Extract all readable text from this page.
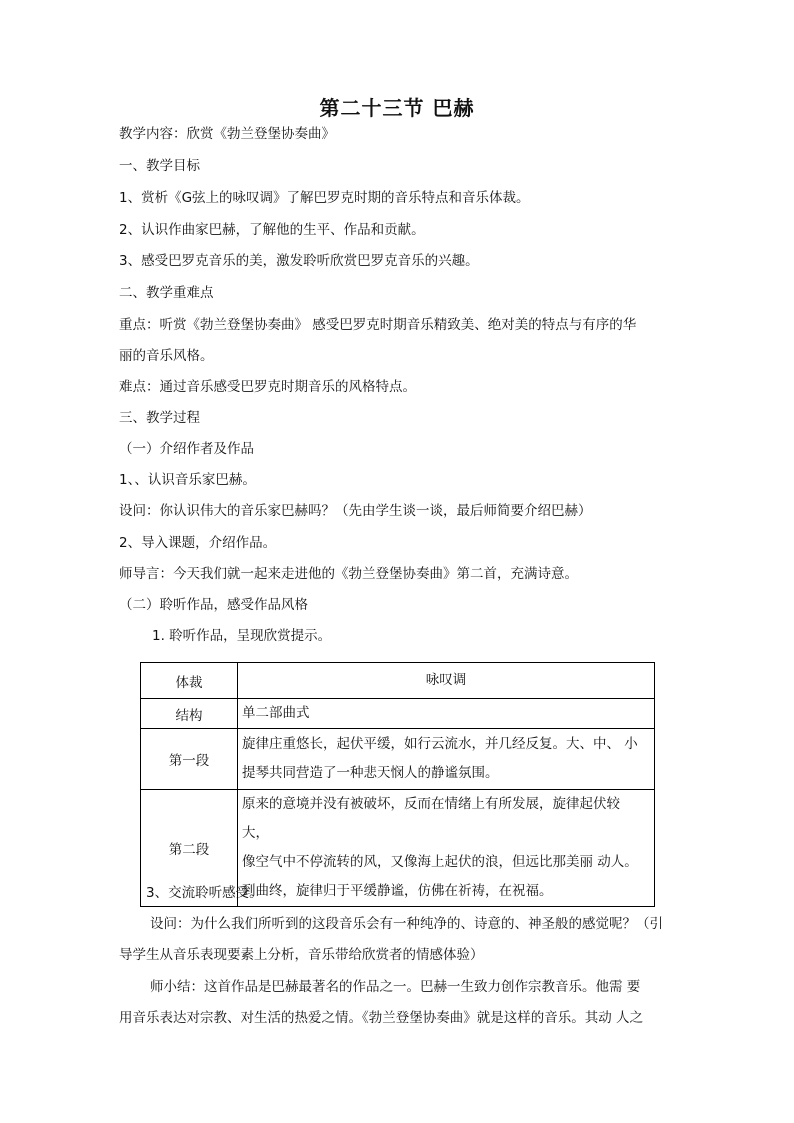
第二十三节 巴赫
教学内容：欣赏《勃兰登堡协奏曲》
一、教学目标
1、赏析《G弦上的咏叹调》了解巴罗克时期的音乐特点和音乐体裁。
2、认识作曲家巴赫，了解他的生平、作品和贡献。
3、感受巴罗克音乐的美，激发聆听欣赏巴罗克音乐的兴趣。
二、教学重难点
重点：听赏《勃兰登堡协奏曲》 感受巴罗克时期音乐精致美、绝对美的特点与有序的华
丽的音乐风格。
难点：通过音乐感受巴罗克时期音乐的风格特点。
三、教学过程
（一）介绍作者及作品
1、、认识音乐家巴赫。
设问：你认识伟大的音乐家巴赫吗？（先由学生谈一谈，最后师简要介绍巴赫）
2、导入课题，介绍作品。
师导言：今天我们就一起来走进他的《勃兰登堡协奏曲》第二首，充满诗意。
（二）聆听作品，感受作品风格
1. 聆听作品，呈现欣赏提示。
体裁	咏叹调
结构	单二部曲式
第一段	旋律庄重悠长，起伏平缓，如行云流水，并几经反复。大、中、 小
提琴共同营造了一种悲天悯人的静谧氛围。

第二段	原来的意境并没有被破坏，反而在情绪上有所发展，旋律起伏较 大，
像空气中不停流转的风，又像海上起伏的浪，但远比那美丽 动人。
到曲终，旋律归于平缓静谧，仿佛在祈祷，在祝福。
3、交流聆听感受。
设问：为什么我们所听到的这段音乐会有一种纯净的、诗意的、神圣般的感觉呢？（引
导学生从音乐表现要素上分析，音乐带给欣赏者的情感体验）
师小结：这首作品是巴赫最著名的作品之一。巴赫一生致力创作宗教音乐。他需 要
用音乐表达对宗教、对生活的热爱之情。《勃兰登堡协奏曲》就是这样的音乐。其动 人之
